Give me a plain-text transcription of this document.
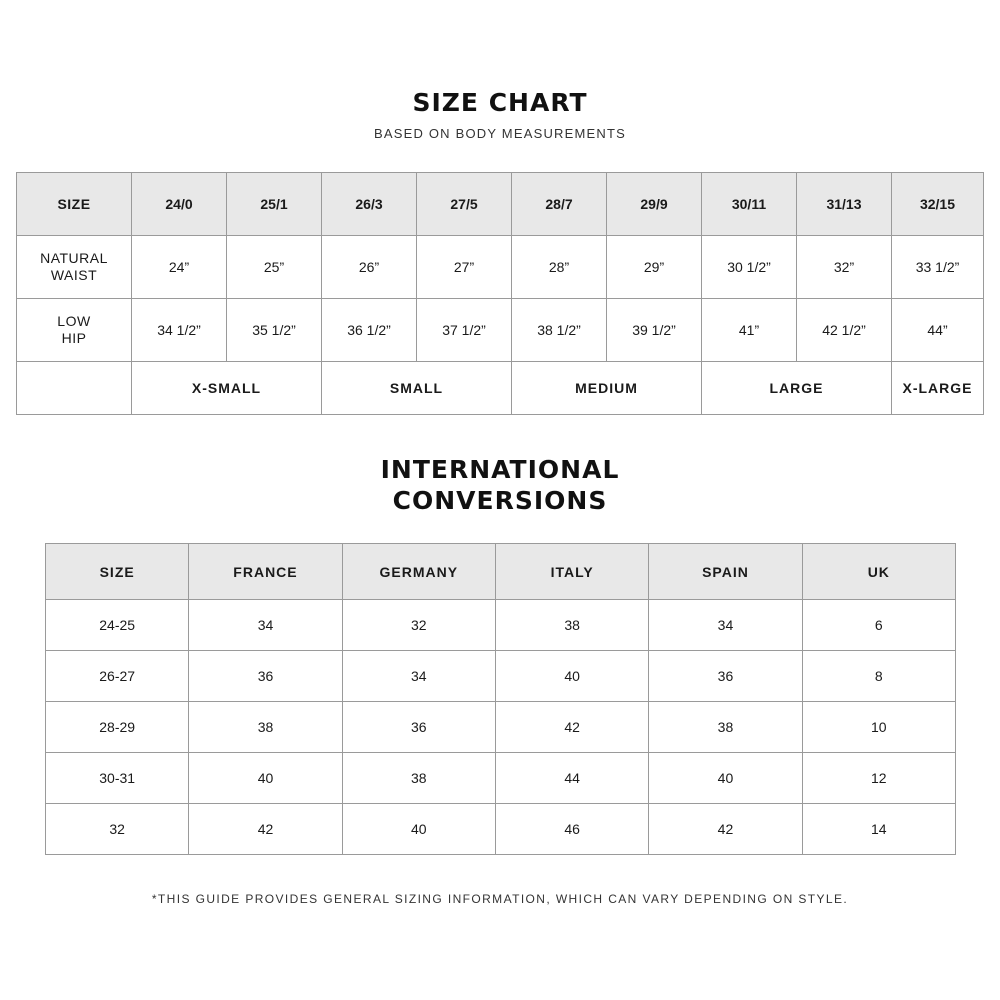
SIZE CHART
BASED ON BODY MEASUREMENTS
SIZE	24/0	25/1	26/3	27/5	28/7	29/9	30/11	31/13	32/15

NATURAL
WAIST	24”	25”	26”	27”	28”	29”	30 1/2”	32”	33 1/2”

LOW
HIP	34 1/2”	35 1/2”	36 1/2”	37 1/2”	38 1/2”	39 1/2”	41”	42 1/2”	44”
	X-SMALL		SMALL		MEDIUM		LARGE		X-LARGE
INTERNATIONAL
CONVERSIONS
SIZE	FRANCE	GERMANY	ITALY	SPAIN	UK
24-25	34	32	38	34	6
26-27	36	34	40	36	8
28-29	38	36	42	38	10
30-31	40	38	44	40	12
32	42	40	46	42	14
*THIS GUIDE PROVIDES GENERAL SIZING INFORMATION, WHICH CAN VARY DEPENDING ON STYLE.
